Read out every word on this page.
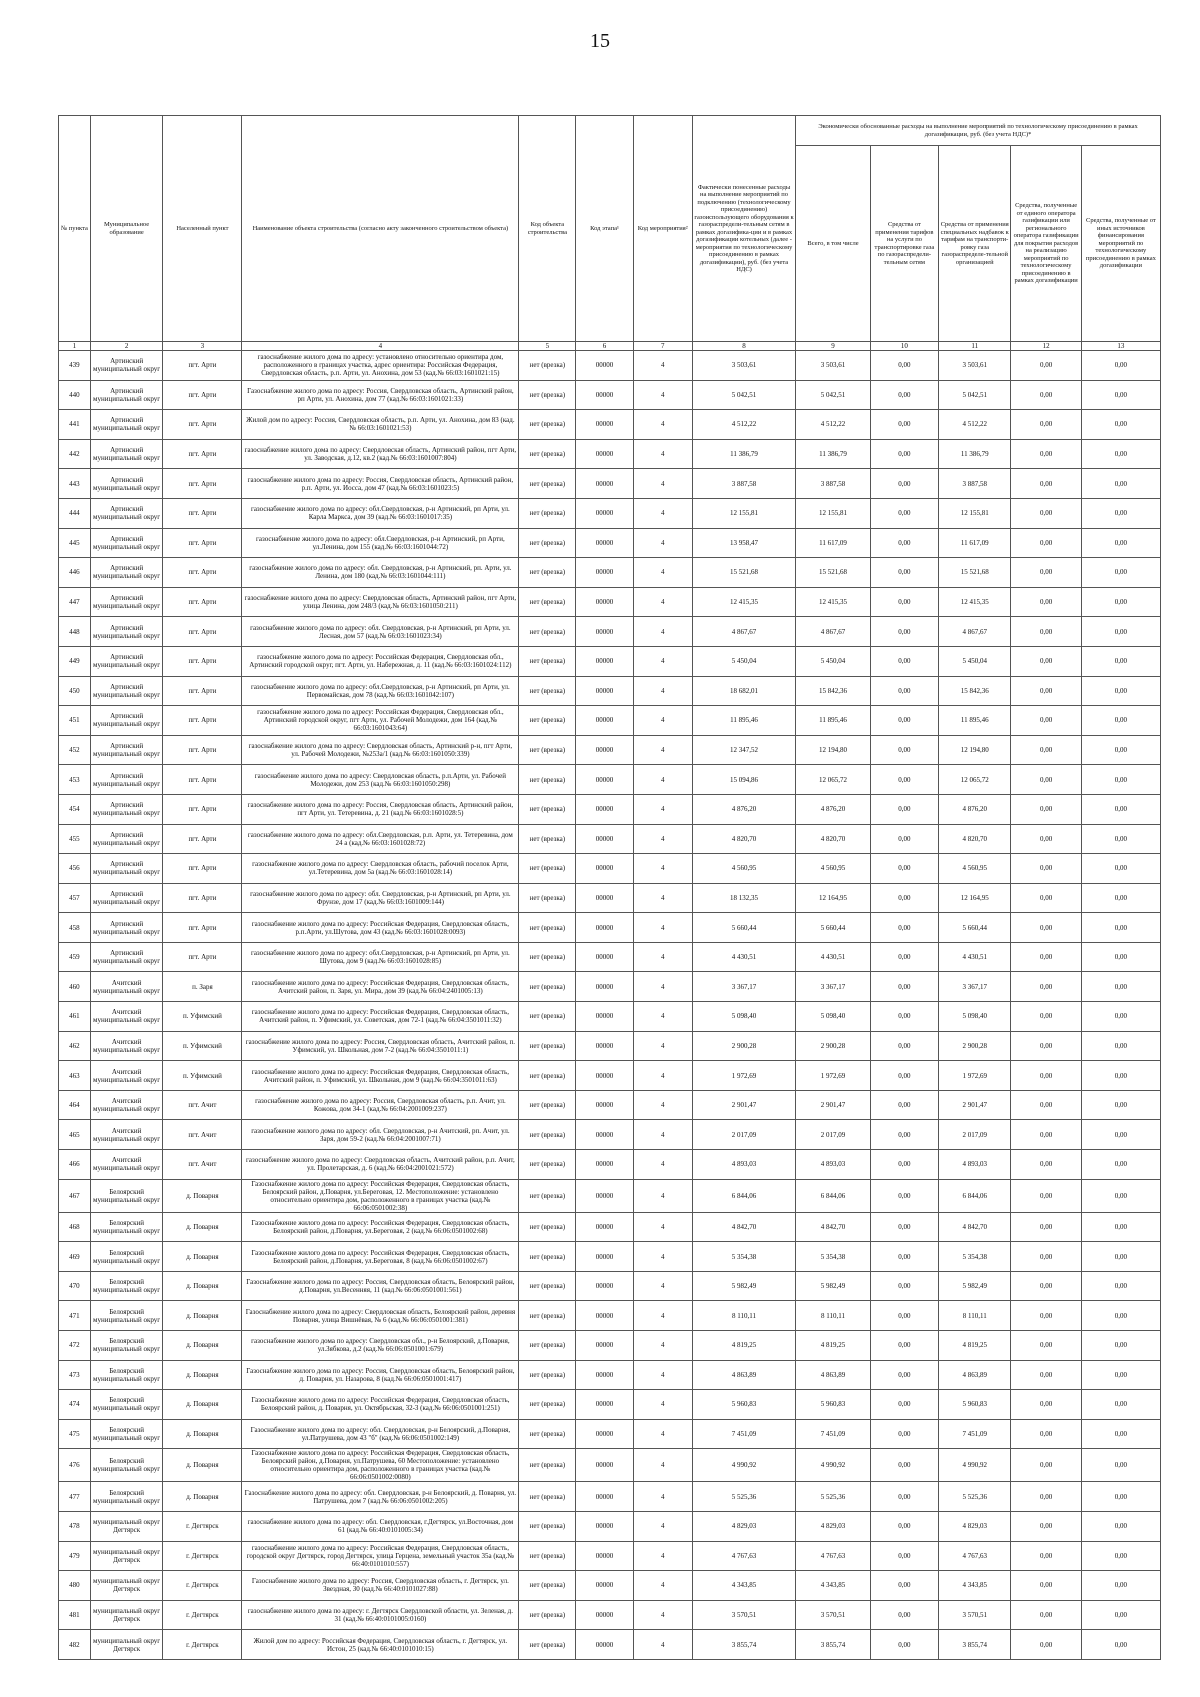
15
№ пункта	Муниципальное образование	Населенный пункт	Наименование объекта строительства (согласно акту законченного строительством объекта)	Код объекта строительства	Код этапа¹	Код мероприятия²	Фактически понесенные расходы на выполнение мероприятий по подключению (технологическому присоединению) газоиспользующего оборудования к газораспредели-тельным сетям в рамках догазифика-ции и в рамках догазификации котельных (далее - мероприятия по технологическому присоединению в рамках догазификации), руб. (без учета НДС)	Экономически обоснованные расходы на выполнение мероприятий по технологическому присоединению в рамках догазификации, руб. (без учета НДС)*				
								Всего, в том числе	Средства от применения тарифов на услуги по транспортировке газа по газораспредели-тельным сетям	Средства от применения специальных надбавок к тарифам на транспорти-ровку газа газораспределе-тельной организацией	Средства, полученные от единого оператора газификации или регионального оператора газификации для покрытия расходов на реализацию мероприятий по технологическому присоединению в рамках догазификации	Средства, полученные от иных источников финансирования мероприятий по технологическому присоединению в рамках догазификации
1	2	3	4	5	6	7	8	9	10	11	12	13
439	Артинский муниципальный округ	пгт. Арти	газоснабжение жилого дома по адресу: установлено относительно ориентира дом, расположенного в границах участка, адрес ориентира: Российская Федерация, Свердловская область, р.п. Арти, ул. Анохина, дом 53 (кад.№ 66:03:1601021:15)	нет (врезка)	00000	4	3 503,61	3 503,61	0,00	3 503,61	0,00	0,00
440	Артинский муниципальный округ	пгт. Арти	Газоснабжение жилого дома по адресу: Россия, Свердловская область, Артинский район, рп Арти, ул. Анохина, дом 77 (кад.№ 66:03:1601021:33)	нет (врезка)	00000	4	5 042,51	5 042,51	0,00	5 042,51	0,00	0,00
441	Артинский муниципальный округ	пгт. Арти	Жилой дом по адресу: Россия, Свердловская область, р.п. Арти, ул. Анохина, дом 83 (кад.№ 66:03:1601021:53)	нет (врезка)	00000	4	4 512,22	4 512,22	0,00	4 512,22	0,00	0,00
442	Артинский муниципальный округ	пгт. Арти	газоснабжение жилого дома по адресу: Свердловская область, Артинский район, пгт Арти, ул. Заводская, д.12, кв.2 (кад.№ 66:03:1601007:804)	нет (врезка)	00000	4	11 386,79	11 386,79	0,00	11 386,79	0,00	0,00
443	Артинский муниципальный округ	пгт. Арти	газоснабжение жилого дома по адресу: Россия, Свердловская область, Артинский район, р.п. Арти, ул. Иосса, дом 47 (кад.№ 66:03:1601023:5)	нет (врезка)	00000	4	3 887,58	3 887,58	0,00	3 887,58	0,00	0,00
444	Артинский муниципальный округ	пгт. Арти	газоснабжение жилого дома по адресу: обл.Свердловская, р-н Артинский, рп Арти, ул. Карла Маркса, дом 39 (кад.№ 66:03:1601017:35)	нет (врезка)	00000	4	12 155,81	12 155,81	0,00	12 155,81	0,00	0,00
445	Артинский муниципальный округ	пгт. Арти	газоснабжение жилого дома по адресу: обл.Свердловская, р-н Артинский, рп Арти, ул.Ленина, дом 155 (кад.№ 66:03:1601044:72)	нет (врезка)	00000	4	13 958,47	11 617,09	0,00	11 617,09	0,00	0,00
446	Артинский муниципальный округ	пгт. Арти	газоснабжение жилого дома по адресу: обл. Свердловская, р-н Артинский, рп. Арти, ул. Ленина, дом 180 (кад.№ 66:03:1601044:111)	нет (врезка)	00000	4	15 521,68	15 521,68	0,00	15 521,68	0,00	0,00
447	Артинский муниципальный округ	пгт. Арти	газоснабжение жилого дома по адресу: Свердловская область, Артинский район, пгт Арти, улица Ленина, дом 248/3 (кад.№ 66:03:1601050:211)	нет (врезка)	00000	4	12 415,35	12 415,35	0,00	12 415,35	0,00	0,00
448	Артинский муниципальный округ	пгт. Арти	газоснабжение жилого дома по адресу: обл. Свердловская, р-н Артинский, рп Арти, ул. Лесная, дом 57 (кад.№ 66:03:1601023:34)	нет (врезка)	00000	4	4 867,67	4 867,67	0,00	4 867,67	0,00	0,00
449	Артинский муниципальный округ	пгт. Арти	газоснабжение жилого дома по адресу: Российская Федерация, Свердловская обл., Артинский городской округ, пгт. Арти, ул. Набережная, д. 11 (кад.№ 66:03:1601024:112)	нет (врезка)	00000	4	5 450,04	5 450,04	0,00	5 450,04	0,00	0,00
450	Артинский муниципальный округ	пгт. Арти	газоснабжение жилого дома по адресу: обл.Свердловская, р-н Артинский, рп Арти, ул. Первомайская, дом 78 (кад.№ 66:03:1601042:107)	нет (врезка)	00000	4	18 682,01	15 842,36	0,00	15 842,36	0,00	0,00
451	Артинский муниципальный округ	пгт. Арти	газоснабжение жилого дома по адресу: Российская Федерация, Свердловская обл., Артинский городской округ, пгт Арти, ул. Рабочей Молодежи, дом 164 (кад.№ 66:03:1601043:64)	нет (врезка)	00000	4	11 895,46	11 895,46	0,00	11 895,46	0,00	0,00
452	Артинский муниципальный округ	пгт. Арти	газоснабжение жилого дома по адресу: Свердловская область, Артинский р-н, пгт Арти, ул. Рабочей Молодежи, №253а/1 (кад.№ 66:03:1601050:339)	нет (врезка)	00000	4	12 347,52	12 194,80	0,00	12 194,80	0,00	0,00
453	Артинский муниципальный округ	пгт. Арти	газоснабжение жилого дома по адресу: Свердловская область, р.п.Арти, ул. Рабочей Молодежи, дом 253 (кад.№ 66:03:1601050:298)	нет (врезка)	00000	4	15 094,86	12 065,72	0,00	12 065,72	0,00	0,00
454	Артинский муниципальный округ	пгт. Арти	газоснабжение жилого дома по адресу: Россия, Свердловская область, Артинский район, пгт Арти, ул. Тетеревина, д. 21 (кад.№ 66:03:1601028:5)	нет (врезка)	00000	4	4 876,20	4 876,20	0,00	4 876,20	0,00	0,00
455	Артинский муниципальный округ	пгт. Арти	газоснабжение жилого дома по адресу: обл.Свердловская, р.п. Арти, ул. Тетеревина, дом 24 а (кад.№ 66:03:1601028:72)	нет (врезка)	00000	4	4 820,70	4 820,70	0,00	4 820,70	0,00	0,00
456	Артинский муниципальный округ	пгт. Арти	газоснабжение жилого дома по адресу: Свердловская область, рабочий поселок Арти, ул.Тетеревина, дом 5а (кад.№ 66:03:1601028:14)	нет (врезка)	00000	4	4 560,95	4 560,95	0,00	4 560,95	0,00	0,00
457	Артинский муниципальный округ	пгт. Арти	газоснабжение жилого дома по адресу: обл. Свердловская, р-н Артинский, рп Арти, ул. Фрунзе, дом 17 (кад.№ 66:03:1601009:144)	нет (врезка)	00000	4	18 132,35	12 164,95	0,00	12 164,95	0,00	0,00
458	Артинский муниципальный округ	пгт. Арти	газоснабжение жилого дома по адресу: Российская Федерация, Свердловская область, р.п.Арти, ул.Шутова, дом 43 (кад.№ 66:03:1601028:0093)	нет (врезка)	00000	4	5 660,44	5 660,44	0,00	5 660,44	0,00	0,00
459	Артинский муниципальный округ	пгт. Арти	газоснабжение жилого дома по адресу: обл.Свердловская, р-н Артинский, рп Арти, ул. Шутова, дом 9 (кад.№ 66:03:1601028:85)	нет (врезка)	00000	4	4 430,51	4 430,51	0,00	4 430,51	0,00	0,00
460	Ачитский муниципальный округ	п. Заря	газоснабжение жилого дома по адресу: Российская Федерация, Свердловская область, Ачитский район, п. Заря, ул. Мира, дом 39 (кад.№ 66:04:2401005:13)	нет (врезка)	00000	4	3 367,17	3 367,17	0,00	3 367,17	0,00	0,00
461	Ачитский муниципальный округ	п. Уфимский	газоснабжение жилого дома по адресу: Российская Федерация, Свердловская область, Ачитский район, п. Уфимский, ул. Советская, дом 72-1 (кад.№ 66:04:3501011:32)	нет (врезка)	00000	4	5 098,40	5 098,40	0,00	5 098,40	0,00	0,00
462	Ачитский муниципальный округ	п. Уфимский	газоснабжение жилого дома по адресу: Россия, Свердловская область, Ачитский район, п. Уфимский, ул. Школьная, дом 7-2 (кад.№ 66:04:3501011:1)	нет (врезка)	00000	4	2 900,28	2 900,28	0,00	2 900,28	0,00	0,00
463	Ачитский муниципальный округ	п. Уфимский	газоснабжение жилого дома по адресу: Российская Федерация, Свердловская область, Ачитский район, п. Уфимский, ул. Школьная, дом 9 (кад.№ 66:04:3501011:63)	нет (врезка)	00000	4	1 972,69	1 972,69	0,00	1 972,69	0,00	0,00
464	Ачитский муниципальный округ	пгт. Ачит	газоснабжение жилого дома по адресу: Россия, Свердловская область, р.п. Ачит, ул. Кожова, дом 34-1 (кад.№ 66:04:2001009:237)	нет (врезка)	00000	4	2 901,47	2 901,47	0,00	2 901,47	0,00	0,00
465	Ачитский муниципальный округ	пгт. Ачит	газоснабжение жилого дома по адресу: обл. Свердловская, р-н Ачитский, рп. Ачит, ул. Заря, дом 59-2 (кад.№ 66:04:2001007:71)	нет (врезка)	00000	4	2 017,09	2 017,09	0,00	2 017,09	0,00	0,00
466	Ачитский муниципальный округ	пгт. Ачит	газоснабжение жилого дома по адресу: Свердловская область, Ачитский район, р.п. Ачит, ул. Пролетарская, д. 6 (кад.№ 66:04:2001021:572)	нет (врезка)	00000	4	4 893,03	4 893,03	0,00	4 893,03	0,00	0,00
467	Белоярский муниципальный округ	д. Поварня	Газоснабжение жилого дома по адресу: Российская Федерация, Свердловская область, Белоярский район, д.Поварня, ул.Береговая, 12. Местоположение: установлено относительно ориентира дом, расположенного в границах участка (кад.№ 66:06:0501002:38)	нет (врезка)	00000	4	6 844,06	6 844,06	0,00	6 844,06	0,00	0,00
468	Белоярский муниципальный округ	д. Поварня	Газоснабжение жилого дома по адресу: Российская Федерация, Свердловская область, Белоярский район, д.Поварня, ул.Береговая, 2 (кад.№ 66:06:0501002:68)	нет (врезка)	00000	4	4 842,70	4 842,70	0,00	4 842,70	0,00	0,00
469	Белоярский муниципальный округ	д. Поварня	Газоснабжение жилого дома по адресу: Российская Федерация, Свердловская область, Белоярский район, д.Поварня, ул.Береговая, 8 (кад.№ 66:06:0501002:67)	нет (врезка)	00000	4	5 354,38	5 354,38	0,00	5 354,38	0,00	0,00
470	Белоярский муниципальный округ	д. Поварня	Газоснабжение жилого дома по адресу: Россия, Свердловская область, Белоярский район, д.Поварня, ул.Весенняя, 11 (кад.№ 66:06:0501001:561)	нет (врезка)	00000	4	5 982,49	5 982,49	0,00	5 982,49	0,00	0,00
471	Белоярский муниципальный округ	д. Поварня	Газоснабжение жилого дома по адресу: Свердловская область, Белоярский район, деревня Поварня, улица Вишнёвая, № 6 (кад.№ 66:06:0501001:381)	нет (врезка)	00000	4	8 110,11	8 110,11	0,00	8 110,11	0,00	0,00
472	Белоярский муниципальный округ	д. Поварня	газоснабжение жилого дома по адресу: Свердловская обл., р-н Белоярский, д.Поварня, ул.Зябкова, д.2 (кад.№ 66:06:0501001:679)	нет (врезка)	00000	4	4 819,25	4 819,25	0,00	4 819,25	0,00	0,00
473	Белоярский муниципальный округ	д. Поварня	Газоснабжение жилого дома по адресу: Россия, Свердловская область, Белоярский район, д. Поварня, ул. Назарова, 8 (кад.№ 66:06:0501001:417)	нет (врезка)	00000	4	4 863,89	4 863,89	0,00	4 863,89	0,00	0,00
474	Белоярский муниципальный округ	д. Поварня	Газоснабжение жилого дома по адресу: Российская Федерация, Свердловская область, Белоярский район, д. Поварня, ул. Октябрьская, 32-3 (кад.№ 66:06:0501001:251)	нет (врезка)	00000	4	5 960,83	5 960,83	0,00	5 960,83	0,00	0,00
475	Белоярский муниципальный округ	д. Поварня	Газоснабжение жилого дома по адресу: обл. Свердловская, р-н Белоярский, д.Поварня, ул.Патрушева, дом 43 "б" (кад.№ 66:06:0501002:149)	нет (врезка)	00000	4	7 451,09	7 451,09	0,00	7 451,09	0,00	0,00
476	Белоярский муниципальный округ	д. Поварня	Газоснабжение жилого дома по адресу: Российская Федерация, Свердловская область, Белоярский район, д.Поварня, ул.Патрушева, 60 Местоположение: установлено относительно ориентира дом, расположенного в границах участка (кад.№ 66:06:0501002:0080)	нет (врезка)	00000	4	4 990,92	4 990,92	0,00	4 990,92	0,00	0,00
477	Белоярский муниципальный округ	д. Поварня	Газоснабжение жилого дома по адресу: обл. Свердловская, р-н Белоярский, д. Поварня, ул. Патрушева, дом 7 (кад.№ 66:06:0501002:205)	нет (врезка)	00000	4	5 525,36	5 525,36	0,00	5 525,36	0,00	0,00
478	муниципальный округ Дегтярск	г. Дегтярск	газоснабжение жилого дома по адресу: обл. Свердловская, г.Дегтярск, ул.Восточная, дом 61 (кад.№ 66:40:0101005:34)	нет (врезка)	00000	4	4 829,03	4 829,03	0,00	4 829,03	0,00	0,00
479	муниципальный округ Дегтярск	г. Дегтярск	газоснабжение жилого дома по адресу: Российская Федерация, Свердловская область, городской округ Дегтярск, город Дегтярск, улица Герцена, земельный участок 35а (кад.№ 66:40:0101010:557)	нет (врезка)	00000	4	4 767,63	4 767,63	0,00	4 767,63	0,00	0,00
480	муниципальный округ Дегтярск	г. Дегтярск	Газоснабжение жилого дома по адресу: Россия, Свердловская область, г. Дегтярск, ул. Звездная, 30 (кад.№ 66:40:0101027:88)	нет (врезка)	00000	4	4 343,85	4 343,85	0,00	4 343,85	0,00	0,00
481	муниципальный округ Дегтярск	г. Дегтярск	газоснабжение жилого дома по адресу: г. Дегтярск Свердловской области, ул. Зеленая, д. 31 (кад.№ 66:40:0101005:0160)	нет (врезка)	00000	4	3 570,51	3 570,51	0,00	3 570,51	0,00	0,00
482	муниципальный округ Дегтярск	г. Дегтярск	Жилой дом по адресу: Российская Федерация, Свердловская область, г. Дегтярск, ул. Истон, 25 (кад.№ 66:40:0101010:15)	нет (врезка)	00000	4	3 855,74	3 855,74	0,00	3 855,74	0,00	0,00
